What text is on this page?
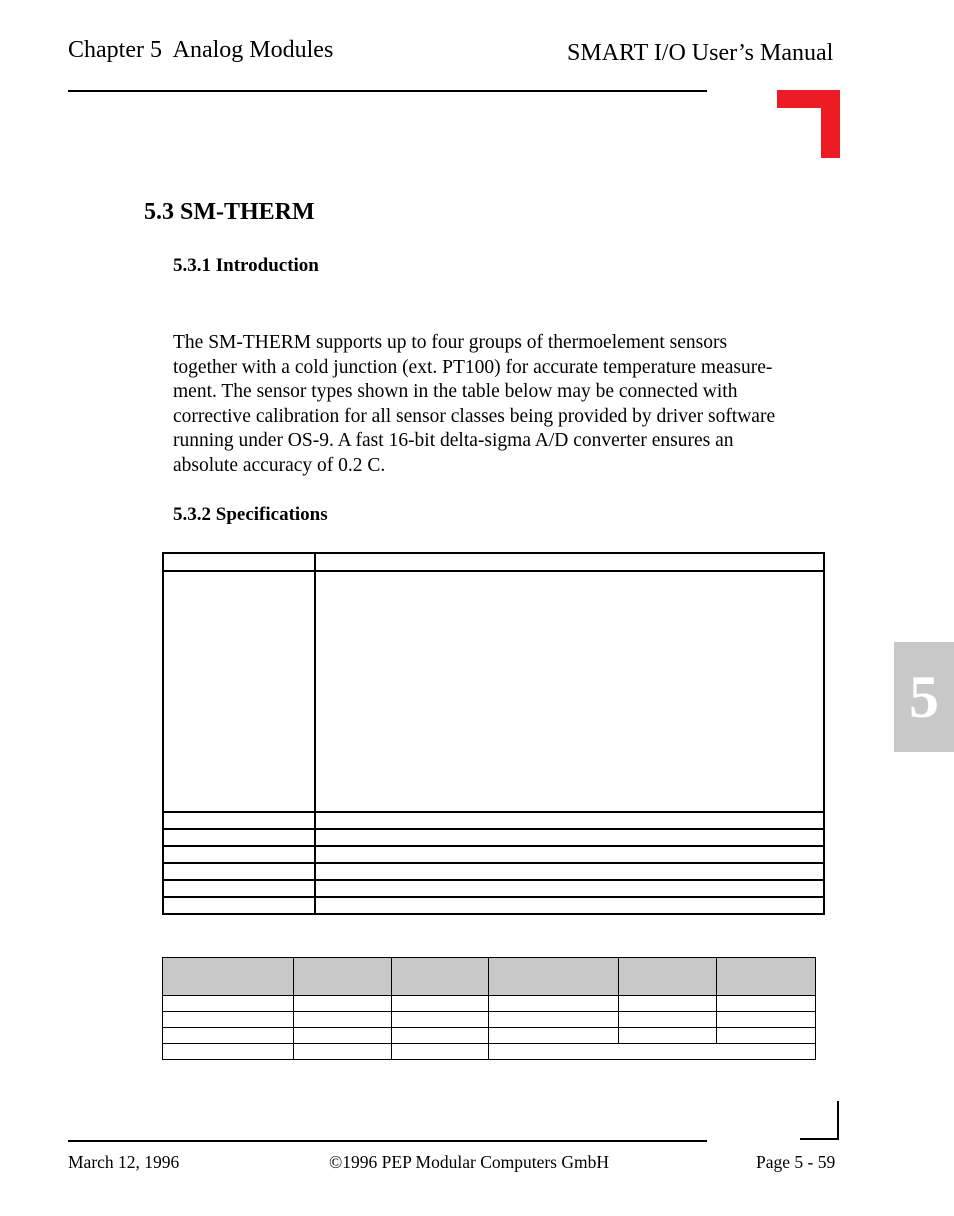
Chapter 5  Analog Modules	SMART I/O User’s Manual
5.3 SM-THERM
5.3.1 Introduction
The SM-THERM supports up to four groups of thermoelement sensors
together with a cold junction (ext. PT100) for accurate temperature measure-
ment. The sensor types shown in the table below may be connected with
corrective calibration for all sensor classes being provided by driver software
running under OS-9. A fast 16-bit delta-sigma A/D converter ensures an
absolute accuracy of 0.2 C.
5.3.2 Specifications

5
March 12, 1996	©1996 PEP Modular Computers GmbH	Page 5 - 59
